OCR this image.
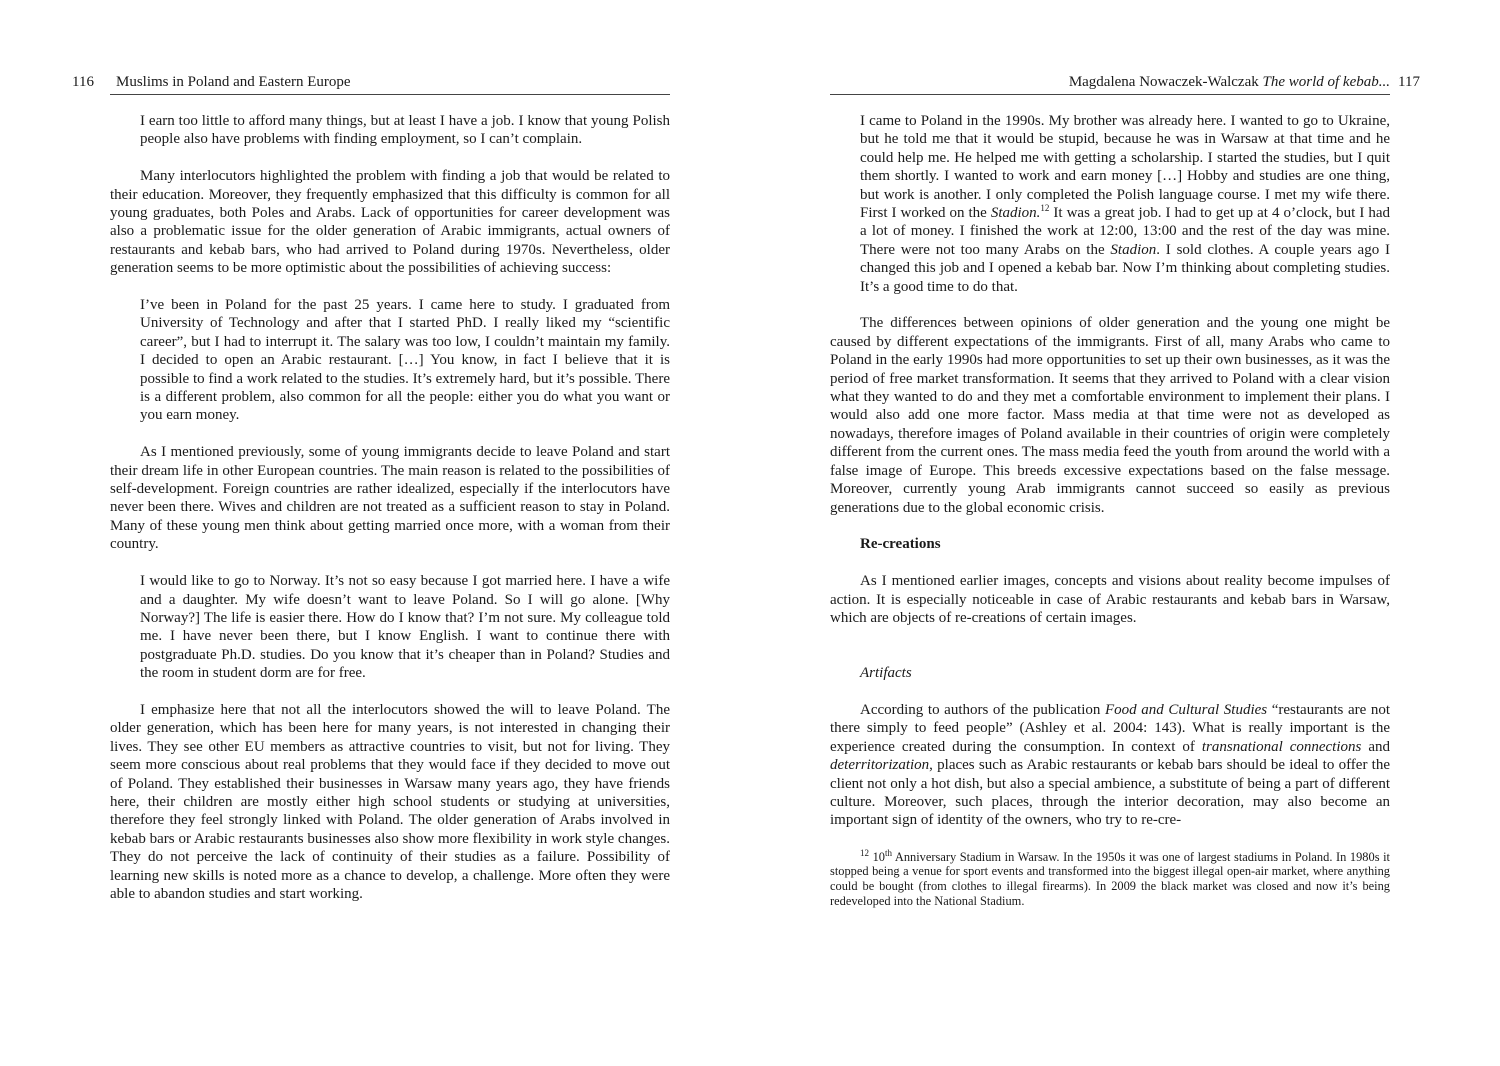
116 Muslims in Poland and Eastern Europe

I earn too little to afford many things, but at least I have a job. I know that young Polish people also have problems with finding employment, so I can’t complain.

Many interlocutors highlighted the problem with finding a job that would be related to their education. Moreover, they frequently emphasized that this difficulty is common for all young graduates, both Poles and Arabs. Lack of opportunities for career development was also a problematic issue for the older generation of Arabic immigrants, actual owners of restaurants and kebab bars, who had arrived to Poland during 1970s. Nevertheless, older generation seems to be more optimistic about the possibilities of achieving success:

I’ve been in Poland for the past 25 years. I came here to study. I graduated from University of Technology and after that I started PhD. I really liked my “scientific career”, but I had to interrupt it. The salary was too low, I couldn’t maintain my family. I decided to open an Arabic restaurant. […] You know, in fact I believe that it is possible to find a work related to the studies. It’s extremely hard, but it’s possible. There is a different problem, also common for all the people: either you do what you want or you earn money.

As I mentioned previously, some of young immigrants decide to leave Poland and start their dream life in other European countries. The main reason is related to the possibilities of self-development. Foreign countries are rather idealized, especially if the interlocutors have never been there. Wives and children are not treated as a sufficient reason to stay in Poland. Many of these young men think about getting married once more, with a woman from their country.

I would like to go to Norway. It’s not so easy because I got married here. I have a wife and a daughter. My wife doesn’t want to leave Poland. So I will go alone. [Why Norway?] The life is easier there. How do I know that? I’m not sure. My colleague told me. I have never been there, but I know English. I want to continue there with postgraduate Ph.D. studies. Do you know that it’s cheaper than in Poland? Studies and the room in student dorm are for free.

I emphasize here that not all the interlocutors showed the will to leave Poland. The older generation, which has been here for many years, is not interested in changing their lives. They see other EU members as attractive countries to visit, but not for living. They seem more conscious about real problems that they would face if they decided to move out of Poland. They established their businesses in Warsaw many years ago, they have friends here, their children are mostly either high school students or studying at universities, therefore they feel strongly linked with Poland. The older generation of Arabs involved in kebab bars or Arabic restaurants businesses also show more flexibility in work style changes. They do not perceive the lack of continuity of their studies as a failure. Possibility of learning new skills is noted more as a chance to develop, a challenge. More often they were able to abandon studies and start working.

Magdalena Nowaczek-Walczak The world of kebab... 117

I came to Poland in the 1990s. My brother was already here. I wanted to go to Ukraine, but he told me that it would be stupid, because he was in Warsaw at that time and he could help me. He helped me with getting a scholarship. I started the studies, but I quit them shortly. I wanted to work and earn money […] Hobby and studies are one thing, but work is another. I only completed the Polish language course. I met my wife there. First I worked on the Stadion.$^{12}$ It was a great job. I had to get up at 4 o’clock, but I had a lot of money. I finished the work at 12:00, 13:00 and the rest of the day was mine. There were not too many Arabs on the Stadion. I sold clothes. A couple years ago I changed this job and I opened a kebab bar. Now I’m thinking about completing studies. It’s a good time to do that.

The differences between opinions of older generation and the young one might be caused by different expectations of the immigrants. First of all, many Arabs who came to Poland in the early 1990s had more opportunities to set up their own businesses, as it was the period of free market transformation. It seems that they arrived to Poland with a clear vision what they wanted to do and they met a comfortable environment to implement their plans. I would also add one more factor. Mass media at that time were not as developed as nowadays, therefore images of Poland available in their countries of origin were completely different from the current ones. The mass media feed the youth from around the world with a false image of Europe. This breeds excessive expectations based on the false message. Moreover, currently young Arab immigrants cannot succeed so easily as previous generations due to the global economic crisis.

Re-creations

As I mentioned earlier images, concepts and visions about reality become impulses of action. It is especially noticeable in case of Arabic restaurants and kebab bars in Warsaw, which are objects of re-creations of certain images.

Artifacts

According to authors of the publication Food and Cultural Studies “restaurants are not there simply to feed people” (Ashley et al. 2004: 143). What is really important is the experience created during the consumption. In context of transnational connections and deterritorization, places such as Arabic restaurants or kebab bars should be ideal to offer the client not only a hot dish, but also a special ambience, a substitute of being a part of different culture. Moreover, such places, through the interior decoration, may also become an important sign of identity of the owners, who try to re-cre-

$^{12}$ 10th Anniversary Stadium in Warsaw. In the 1950s it was one of largest stadiums in Poland. In 1980s it stopped being a venue for sport events and transformed into the biggest illegal open-air market, where anything could be bought (from clothes to illegal firearms). In 2009 the black market was closed and now it’s being redeveloped into the National Stadium.
